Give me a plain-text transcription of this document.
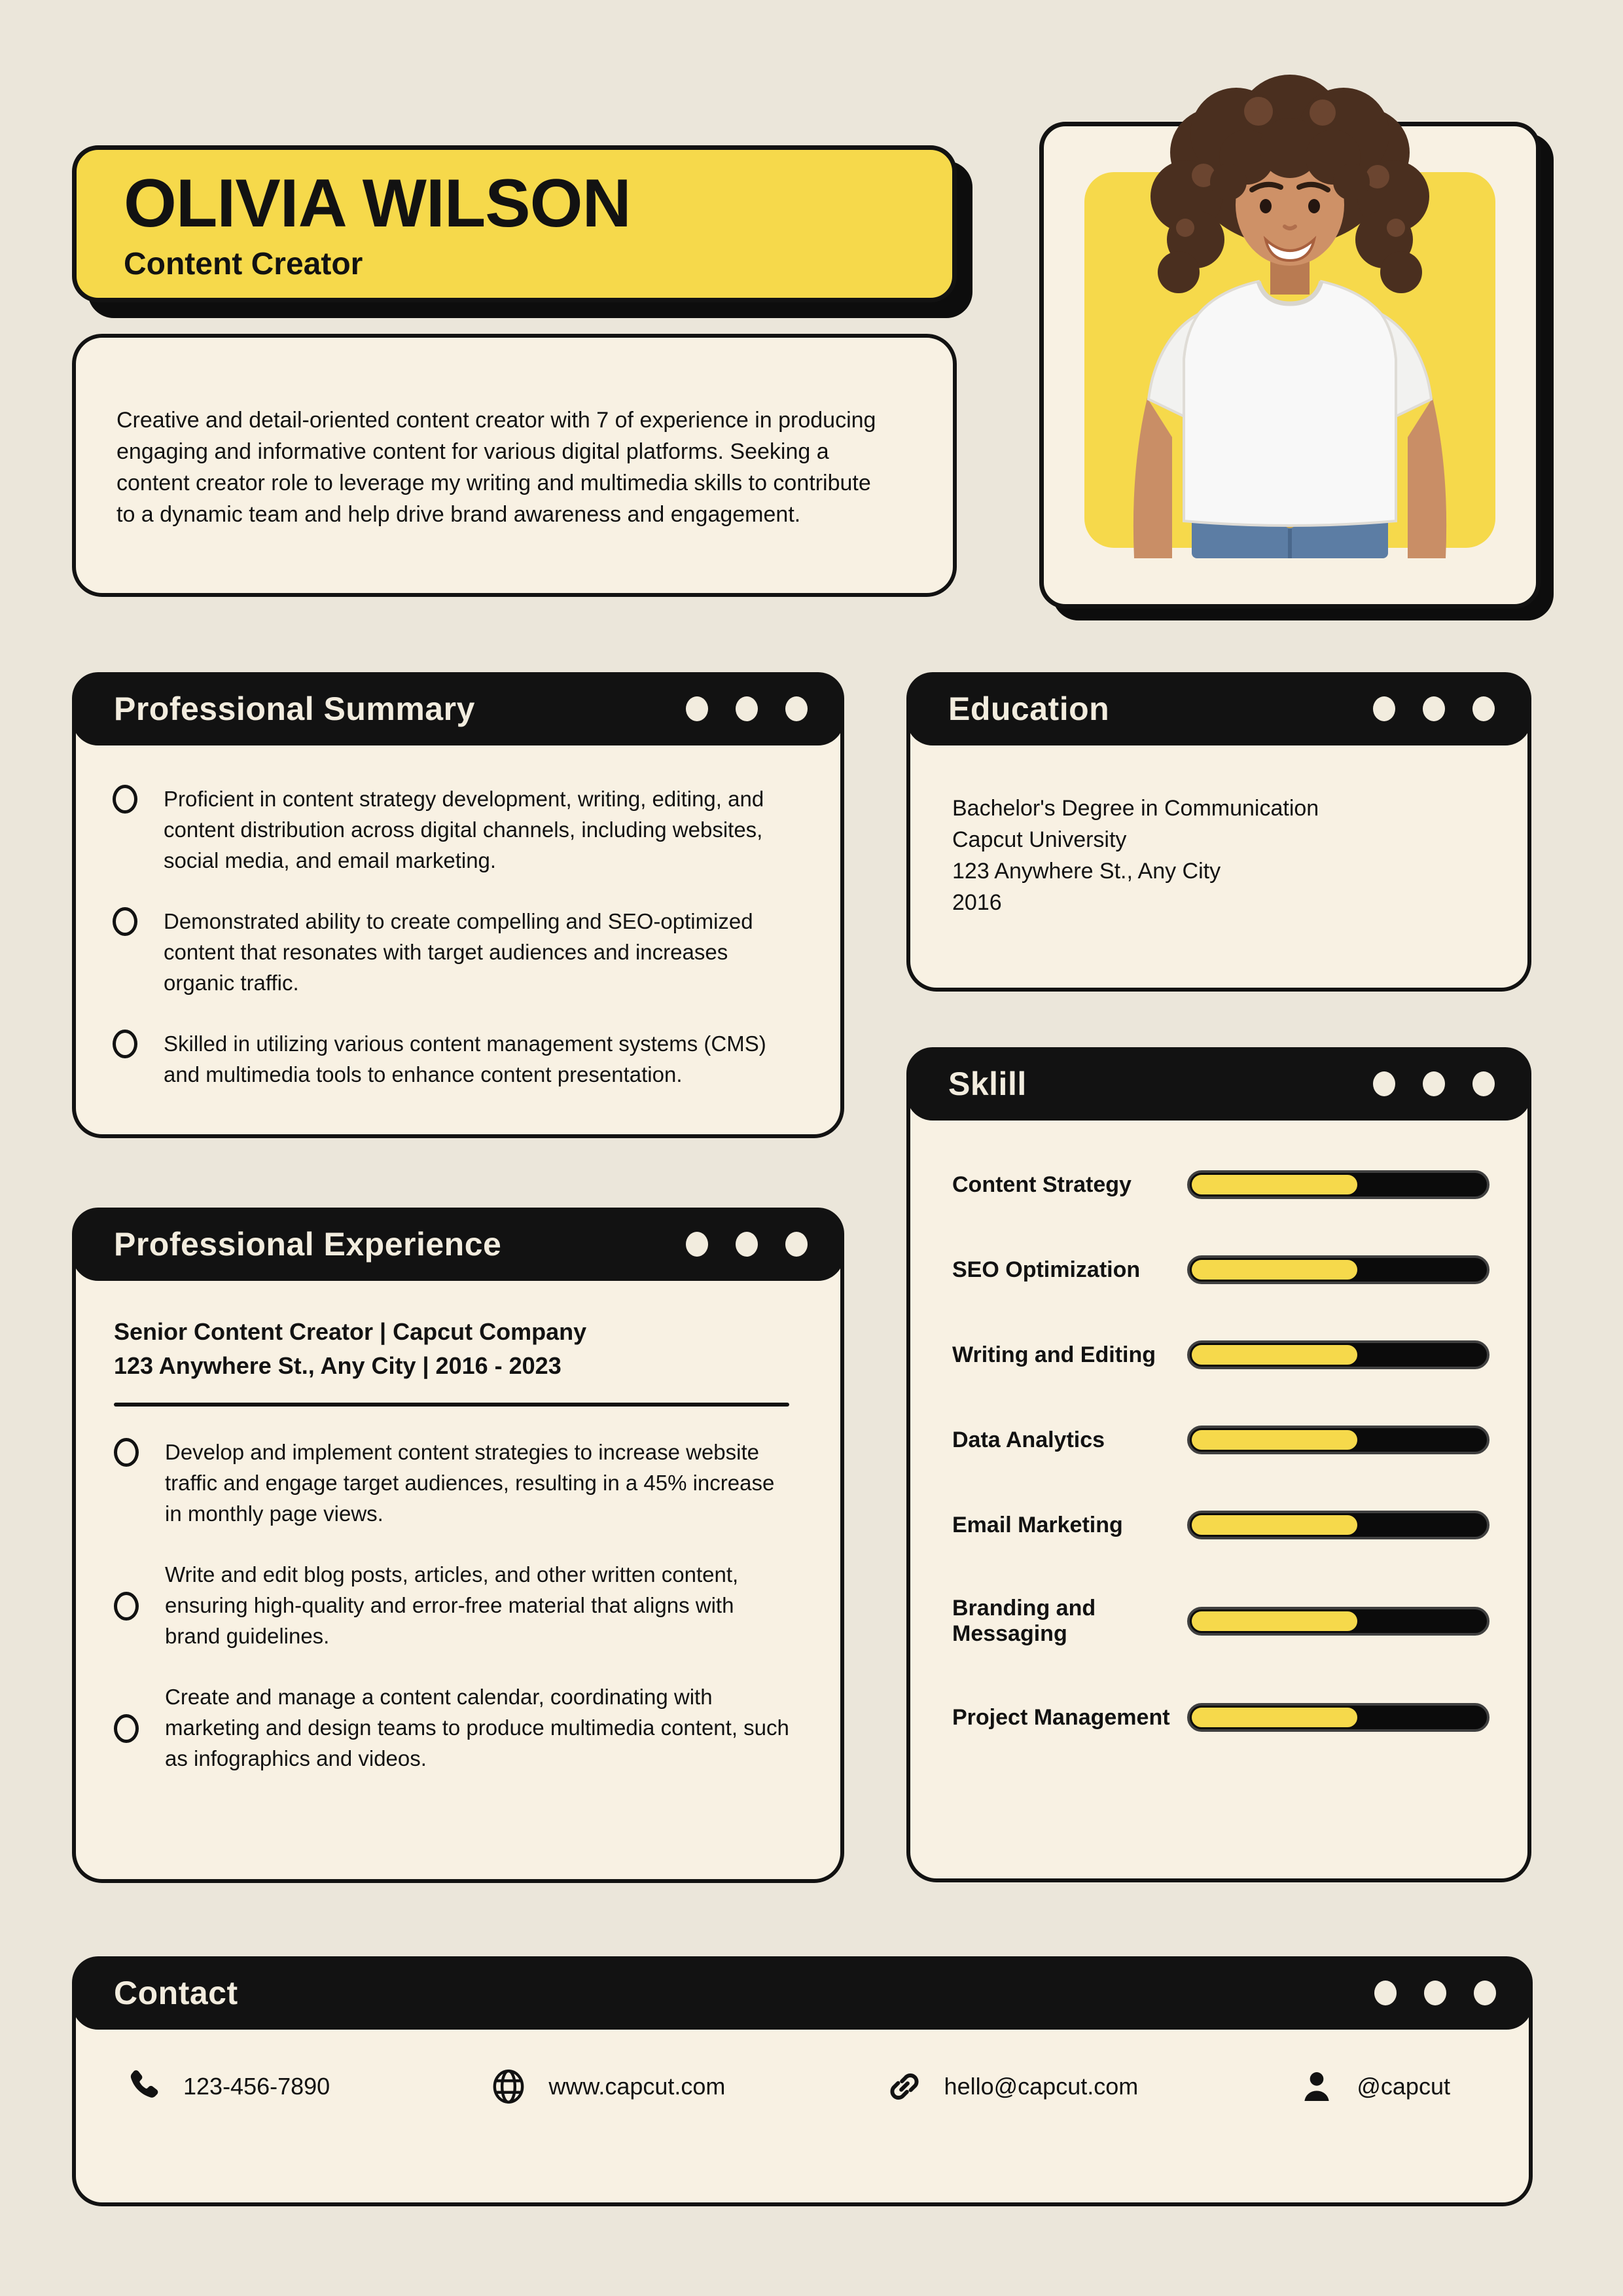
OLIVIA WILSON
Content Creator
Creative and detail-oriented content creator with 7 of experience in producing engaging and informative content for various digital platforms. Seeking a content creator role to leverage my writing and multimedia skills to contribute to a dynamic team and help drive brand awareness and engagement.
Professional Summary
Proficient in content strategy development, writing, editing, and content distribution across digital channels, including websites, social media, and email marketing.
Demonstrated ability to create compelling and SEO-optimized content that resonates with target audiences and increases organic traffic.
Skilled in utilizing various content management systems (CMS) and multimedia tools to enhance content presentation.
Education
Bachelor's Degree in Communication
Capcut University
123 Anywhere St., Any City
2016
Sklill
Content Strategy
SEO Optimization
Writing and Editing
Data Analytics
Email Marketing
Branding and Messaging
Project Management
Professional Experience
Senior Content Creator | Capcut Company
123 Anywhere St., Any City | 2016 - 2023
Develop and implement content strategies to increase website traffic and engage target audiences, resulting in a 45% increase in monthly page views.
Write and edit blog posts, articles, and other written content, ensuring high-quality and error-free material that aligns with brand guidelines.
Create and manage a content calendar, coordinating with marketing and design teams to produce multimedia content, such as infographics and videos.
Contact
123-456-7890	www.capcut.com	hello@capcut.com	@capcut
